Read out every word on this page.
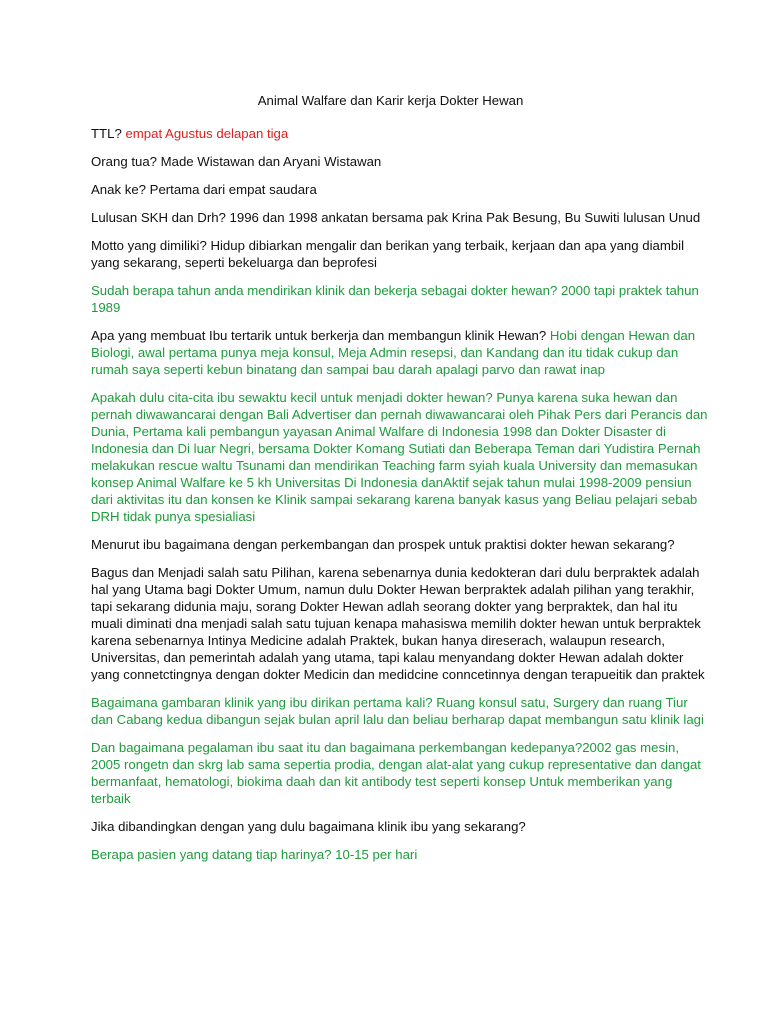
Animal Walfare dan Karir kerja Dokter Hewan

TTL? empat Agustus delapan tiga

Orang tua? Made Wistawan dan Aryani Wistawan

Anak ke? Pertama dari empat saudara

Lulusan SKH dan Drh? 1996 dan 1998 ankatan bersama pak Krina Pak Besung, Bu Suwiti lulusan Unud

Motto yang dimiliki? Hidup dibiarkan mengalir dan berikan yang terbaik, kerjaan dan apa yang diambil yang sekarang, seperti bekeluarga dan beprofesi

Sudah berapa tahun anda mendirikan klinik dan bekerja sebagai dokter hewan? 2000 tapi praktek tahun 1989

Apa yang membuat Ibu tertarik untuk berkerja dan membangun klinik Hewan? Hobi dengan Hewan dan Biologi, awal pertama punya meja konsul, Meja Admin resepsi, dan Kandang dan itu tidak cukup dan rumah saya seperti kebun binatang dan sampai bau darah apalagi parvo dan rawat inap

Apakah dulu cita-cita ibu sewaktu kecil untuk menjadi dokter hewan? Punya karena suka hewan dan pernah diwawancarai dengan Bali Advertiser dan pernah diwawancarai oleh Pihak Pers dari Perancis dan Dunia, Pertama kali pembangun yayasan Animal Walfare di Indonesia 1998 dan Dokter Disaster di Indonesia dan Di luar Negri, bersama Dokter Komang Sutiati dan Beberapa Teman dari Yudistira Pernah melakukan rescue waltu Tsunami dan mendirikan Teaching farm syiah kuala University dan memasukan konsep Animal Walfare ke 5 kh Universitas Di Indonesia danAktif sejak tahun mulai 1998-2009 pensiun dari aktivitas itu dan konsen ke Klinik sampai sekarang karena banyak kasus yang Beliau pelajari sebab DRH tidak punya spesialiasi

Menurut ibu bagaimana dengan perkembangan dan prospek untuk praktisi dokter hewan sekarang?

Bagus dan Menjadi salah satu Pilihan, karena sebenarnya dunia kedokteran dari dulu berpraktek adalah hal yang Utama bagi Dokter Umum, namun dulu Dokter Hewan berpraktek adalah pilihan yang terakhir, tapi sekarang didunia maju, sorang Dokter Hewan adlah seorang dokter yang berpraktek, dan hal itu muali diminati dna menjadi salah satu tujuan kenapa mahasiswa memilih dokter hewan untuk berpraktek karena sebenarnya Intinya Medicine adalah Praktek, bukan hanya direserach, walaupun research, Universitas, dan pemerintah adalah yang utama, tapi kalau menyandang dokter Hewan adalah dokter yang connetctingnya dengan dokter Medicin dan medidcine conncetinnya dengan terapueitik dan praktek

Bagaimana gambaran klinik yang ibu dirikan pertama kali? Ruang konsul satu, Surgery dan ruang Tiur dan Cabang kedua dibangun sejak bulan april lalu dan beliau berharap dapat membangun satu klinik lagi

Dan bagaimana pegalaman ibu saat itu dan bagaimana perkembangan kedepanya?2002 gas mesin, 2005 rongetn dan skrg lab sama sepertia prodia, dengan alat-alat yang cukup representative dan dangat bermanfaat, hematologi, biokima daah dan kit antibody test seperti konsep Untuk memberikan yang terbaik

Jika dibandingkan dengan yang dulu bagaimana klinik ibu yang sekarang?

Berapa pasien yang datang tiap harinya? 10-15 per hari
